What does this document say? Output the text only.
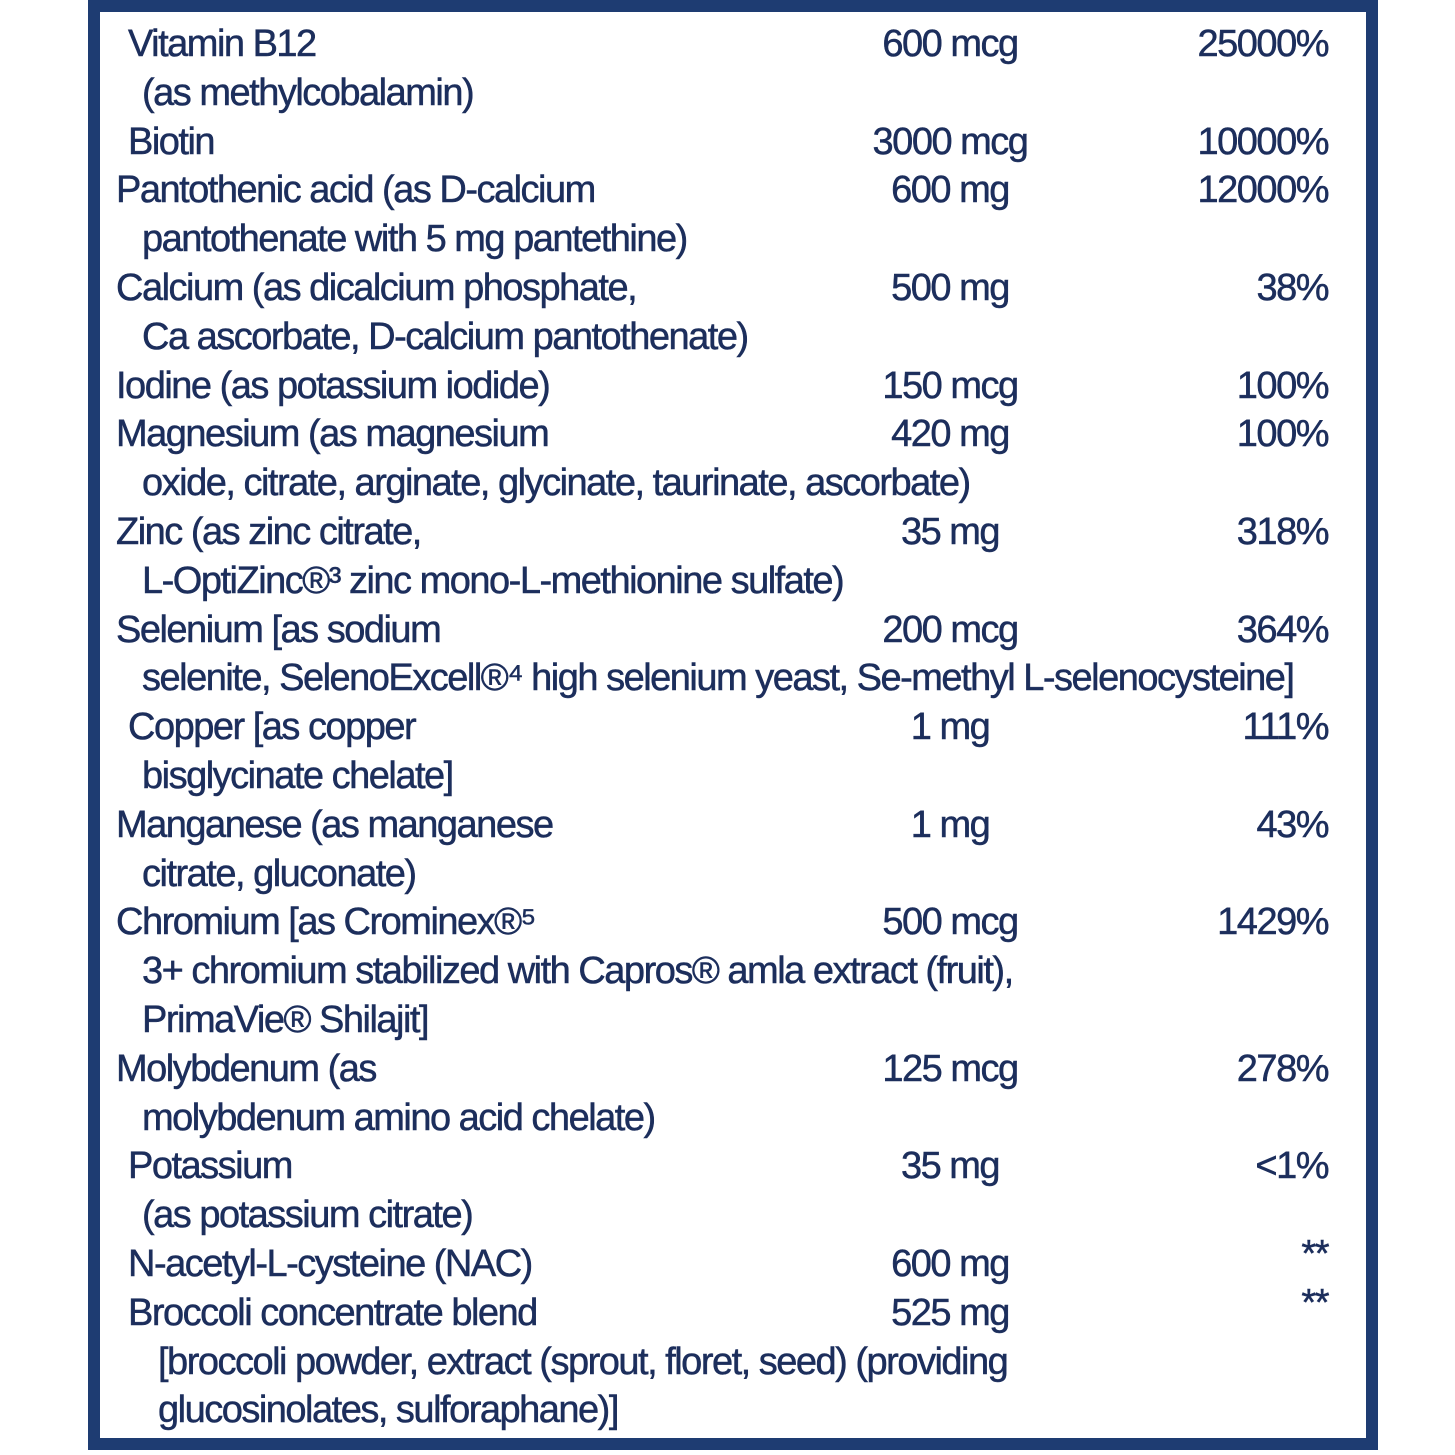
Vitamin B12	600 mcg	25000%
(as methylcobalamin)
Biotin	3000 mcg	10000%
Pantothenic acid (as D-calcium	600 mg	12000%
pantothenate with 5 mg pantethine)
Calcium (as dicalcium phosphate,	500 mg	38%
Ca ascorbate, D-calcium pantothenate)
Iodine (as potassium iodide)	150 mcg	100%
Magnesium (as magnesium	420 mg	100%
oxide, citrate, arginate, glycinate, taurinate, ascorbate)
Zinc (as zinc citrate,	35 mg	318%
L-OptiZinc®³ zinc mono-L-methionine sulfate)
Selenium [as sodium	200 mcg	364%
selenite, SelenoExcell®⁴ high selenium yeast, Se-methyl L-selenocysteine]
Copper [as copper	1 mg	111%
bisglycinate chelate]
Manganese (as manganese	1 mg	43%
citrate, gluconate)
Chromium [as Crominex®⁵	500 mcg	1429%
3+ chromium stabilized with Capros® amla extract (fruit),
PrimaVie® Shilajit]
Molybdenum (as	125 mcg	278%
molybdenum amino acid chelate)
Potassium	35 mg	<1%
(as potassium citrate)
N-acetyl-L-cysteine (NAC)	600 mg	**
Broccoli concentrate blend	525 mg	**
[broccoli powder, extract (sprout, floret, seed) (providing
glucosinolates, sulforaphane)]
